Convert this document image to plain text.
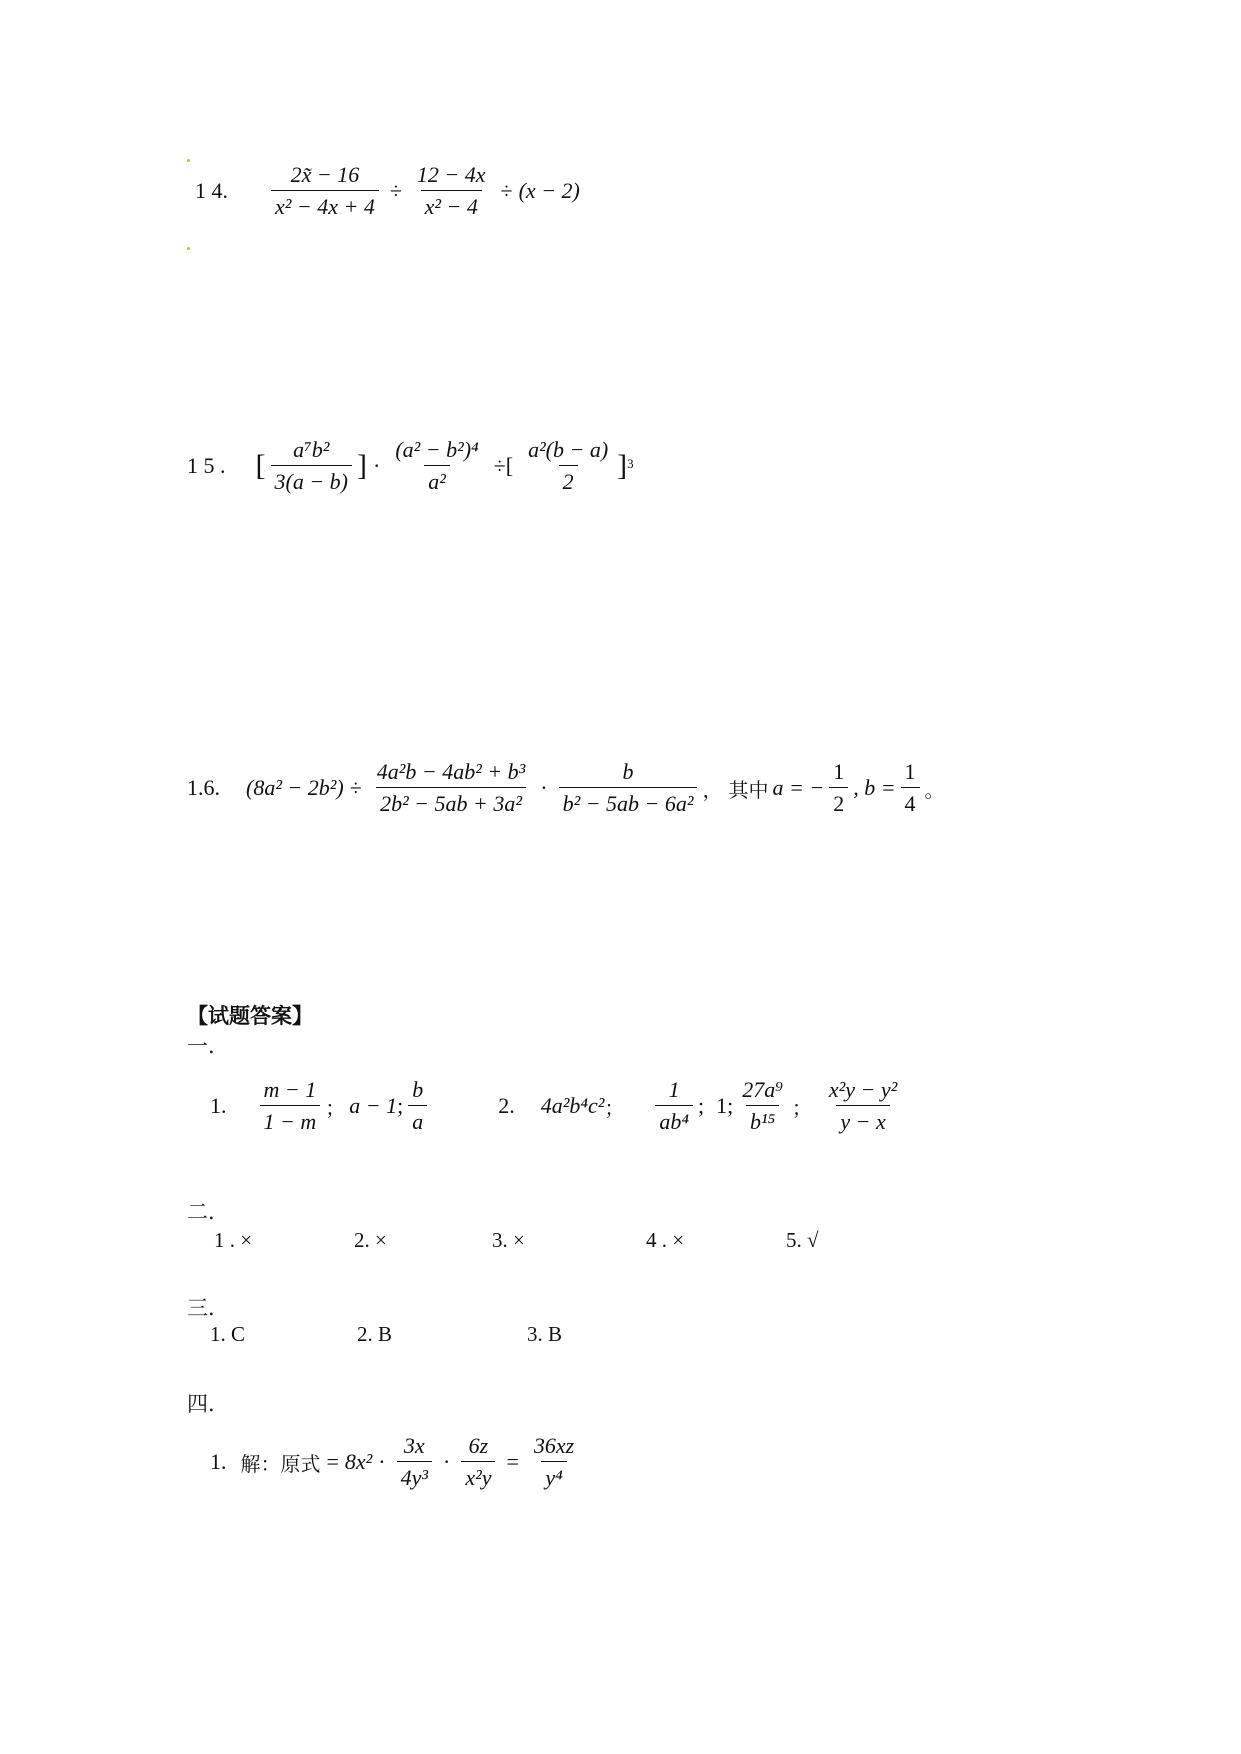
1 4. $\frac{2x̃ - 16}{\text{x² − 4x + 4}} \div \frac{12 - 4x}{\text{x² − 4}} \div (x - 2)$
1 5 . [ $\frac{\text{a⁷b²}}{3(a - b)}$ ] · $\frac{\text{(a² − b²)⁴}}{\text{a²}}$ ÷[ $\frac{\text{a²(b − a)}}{2}$ ] 3
1.6. $(8a^2 - 2b^2) \div \frac{\text{4a²b − 4ab² + b³}}{\text{2b² − 5ab + 3a²}} \cdot \frac{b}{\text{b² − 5ab − 6a²}}$ ， 其中 a = − $\frac{1}{2}$ , $b = \frac{1}{4}$ 。
【试题答案】
一.
1. $\frac{m - 1}{1 - m}$ ； a − 1 ; $\frac{b}{a}$	2. 4a²b⁴c² ； $\frac{1}{\text{ab⁴}}$ ; 1 ; $\frac{\text{27a⁹}}{\text{b¹⁵}}$ ； $\frac{\text{x²y − y²}}{y - x}$
二.
1 . ×	2. ×	3. ×	4 . ×	5. √
三.
1. C	2. B	3. B
四.
1. 解：原式 = $8x^2 \cdot \frac{3x}{\text{4y³}} \cdot \frac{6z}{\text{x²y}} = \frac{36xz}{\text{y⁴}}$
